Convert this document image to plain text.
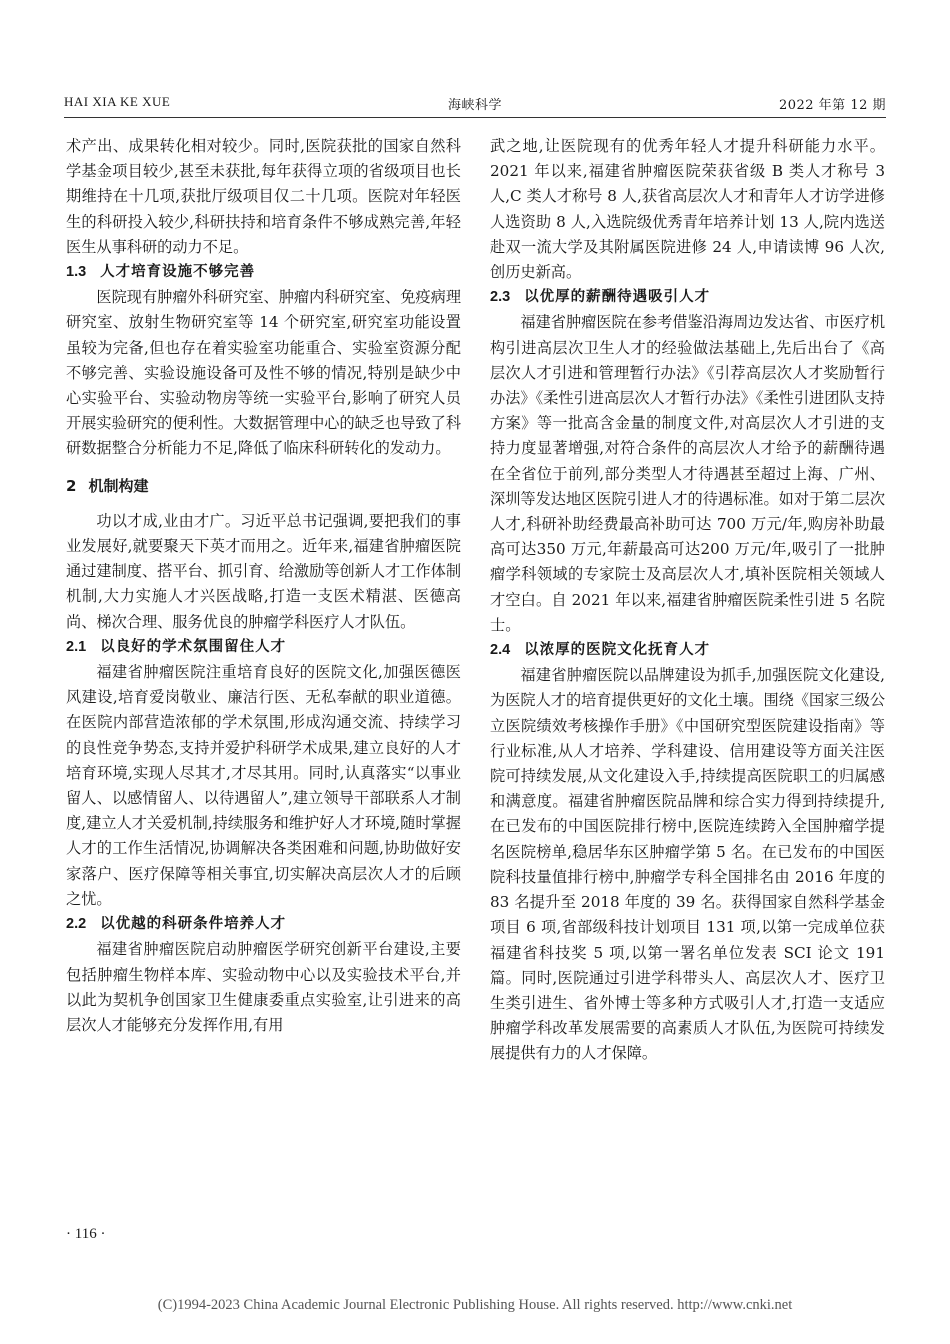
HAI XIA KE XUE	海峡科学	2022 年第 12 期

术产出、成果转化相对较少。同时,医院获批的国家自然科学基金项目较少,甚至未获批,每年获得立项的省级项目也长期维持在十几项,获批厅级项目仅二十几项。医院对年轻医生的科研投入较少,科研扶持和培育条件不够成熟完善,年轻医生从事科研的动力不足。

1.3 人才培育设施不够完善

医院现有肿瘤外科研究室、肿瘤内科研究室、免疫病理研究室、放射生物研究室等 14 个研究室,研究室功能设置虽较为完备,但也存在着实验室功能重合、实验室资源分配不够完善、实验设施设备可及性不够的情况,特别是缺少中心实验平台、实验动物房等统一实验平台,影响了研究人员开展实验研究的便利性。大数据管理中心的缺乏也导致了科研数据整合分析能力不足,降低了临床科研转化的发动力。

2 机制构建

功以才成,业由才广。习近平总书记强调,要把我们的事业发展好,就要聚天下英才而用之。近年来,福建省肿瘤医院通过建制度、搭平台、抓引育、给激励等创新人才工作体制机制,大力实施人才兴医战略,打造一支医术精湛、医德高尚、梯次合理、服务优良的肿瘤学科医疗人才队伍。

2.1 以良好的学术氛围留住人才

福建省肿瘤医院注重培育良好的医院文化,加强医德医风建设,培育爱岗敬业、廉洁行医、无私奉献的职业道德。在医院内部营造浓郁的学术氛围,形成沟通交流、持续学习的良性竞争势态,支持并爱护科研学术成果,建立良好的人才培育环境,实现人尽其才,才尽其用。同时,认真落实“以事业留人、以感情留人、以待遇留人”,建立领导干部联系人才制度,建立人才关爱机制,持续服务和维护好人才环境,随时掌握人才的工作生活情况,协调解决各类困难和问题,协助做好安家落户、医疗保障等相关事宜,切实解决高层次人才的后顾之忧。

2.2 以优越的科研条件培养人才

福建省肿瘤医院启动肿瘤医学研究创新平台建设,主要包括肿瘤生物样本库、实验动物中心以及实验技术平台,并以此为契机争创国家卫生健康委重点实验室,让引进来的高层次人才能够充分发挥作用,有用

武之地,让医院现有的优秀年轻人才提升科研能力水平。2021 年以来,福建省肿瘤医院荣获省级 B 类人才称号 3 人,C 类人才称号 8 人,获省高层次人才和青年人才访学进修人选资助 8 人,入选院级优秀青年培养计划 13 人,院内选送赴双一流大学及其附属医院进修 24 人,申请读博 96 人次,创历史新高。

2.3 以优厚的薪酬待遇吸引人才

福建省肿瘤医院在参考借鉴沿海周边发达省、市医疗机构引进高层次卫生人才的经验做法基础上,先后出台了《高层次人才引进和管理暂行办法》《引荐高层次人才奖励暂行办法》《柔性引进高层次人才暂行办法》《柔性引进团队支持方案》等一批高含金量的制度文件,对高层次人才引进的支持力度显著增强,对符合条件的高层次人才给予的薪酬待遇在全省位于前列,部分类型人才待遇甚至超过上海、广州、深圳等发达地区医院引进人才的待遇标准。如对于第二层次人才,科研补助经费最高补助可达 700 万元/年,购房补助最高可达350 万元,年薪最高可达200 万元/年,吸引了一批肿瘤学科领域的专家院士及高层次人才,填补医院相关领域人才空白。自 2021 年以来,福建省肿瘤医院柔性引进 5 名院士。

2.4 以浓厚的医院文化抚育人才

福建省肿瘤医院以品牌建设为抓手,加强医院文化建设,为医院人才的培育提供更好的文化土壤。围绕《国家三级公立医院绩效考核操作手册》《中国研究型医院建设指南》等行业标准,从人才培养、学科建设、信用建设等方面关注医院可持续发展,从文化建设入手,持续提高医院职工的归属感和满意度。福建省肿瘤医院品牌和综合实力得到持续提升,在已发布的中国医院排行榜中,医院连续跨入全国肿瘤学提名医院榜单,稳居华东区肿瘤学第 5 名。在已发布的中国医院科技量值排行榜中,肿瘤学专科全国排名由 2016 年度的 83 名提升至 2018 年度的 39 名。获得国家自然科学基金项目 6 项,省部级科技计划项目 131 项,以第一完成单位获福建省科技奖 5 项,以第一署名单位发表 SCI 论文 191 篇。同时,医院通过引进学科带头人、高层次人才、医疗卫生类引进生、省外博士等多种方式吸引人才,打造一支适应肿瘤学科改革发展需要的高素质人才队伍,为医院可持续发展提供有力的人才保障。

· 116 ·
(C)1994-2023 China Academic Journal Electronic Publishing House. All rights reserved. http://www.cnki.net
